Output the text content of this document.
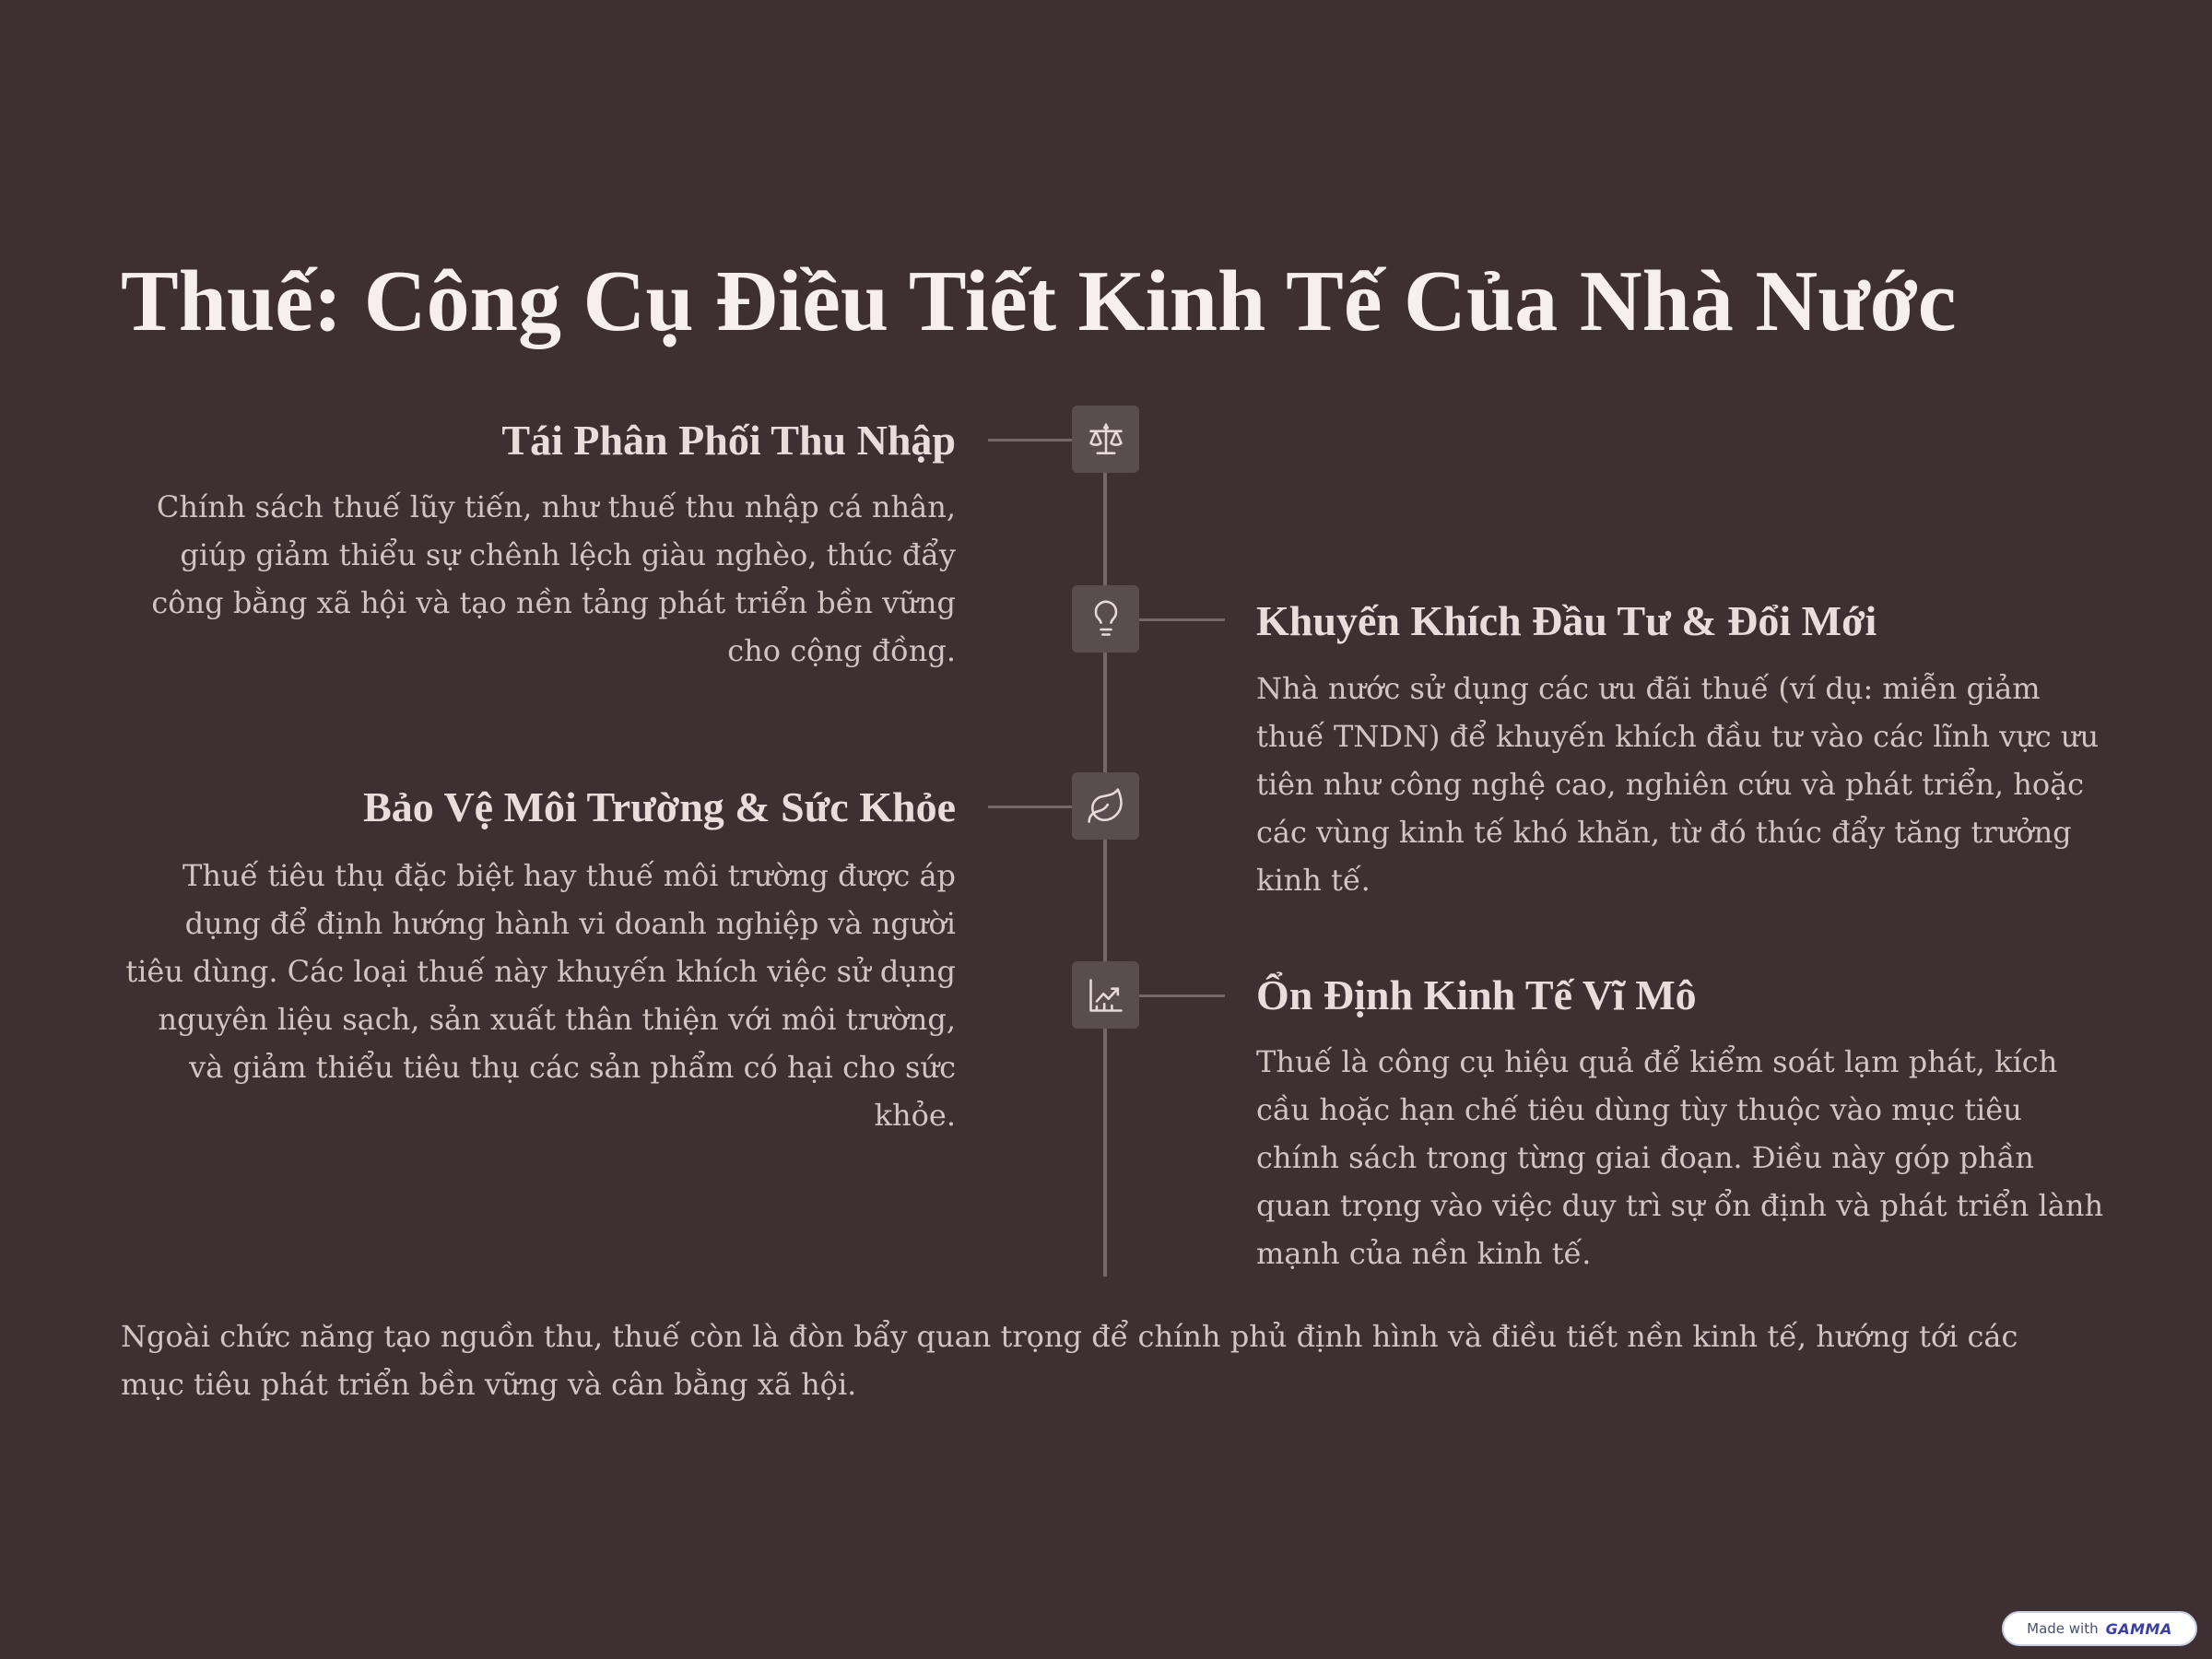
Thuế: Công Cụ Điều Tiết Kinh Tế Của Nhà Nước
Tái Phân Phối Thu Nhập

Chính sách thuế lũy tiến, như thuế thu nhập cá nhân, giúp giảm thiểu sự chênh lệch giàu nghèo, thúc đẩy công bằng xã hội và tạo nền tảng phát triển bền vững cho cộng đồng.

Khuyến Khích Đầu Tư & Đổi Mới

Nhà nước sử dụng các ưu đãi thuế (ví dụ: miễn giảm thuế TNDN) để khuyến khích đầu tư vào các lĩnh vực ưu tiên như công nghệ cao, nghiên cứu và phát triển, hoặc các vùng kinh tế khó khăn, từ đó thúc đẩy tăng trưởng kinh tế.

Bảo Vệ Môi Trường & Sức Khỏe

Thuế tiêu thụ đặc biệt hay thuế môi trường được áp dụng để định hướng hành vi doanh nghiệp và người tiêu dùng. Các loại thuế này khuyến khích việc sử dụng nguyên liệu sạch, sản xuất thân thiện với môi trường, và giảm thiểu tiêu thụ các sản phẩm có hại cho sức khỏe.

Ổn Định Kinh Tế Vĩ Mô

Thuế là công cụ hiệu quả để kiểm soát lạm phát, kích cầu hoặc hạn chế tiêu dùng tùy thuộc vào mục tiêu chính sách trong từng giai đoạn. Điều này góp phần quan trọng vào việc duy trì sự ổn định và phát triển lành mạnh của nền kinh tế.

Ngoài chức năng tạo nguồn thu, thuế còn là đòn bẩy quan trọng để chính phủ định hình và điều tiết nền kinh tế, hướng tới các mục tiêu phát triển bền vững và cân bằng xã hội.

Made with GAMMA
